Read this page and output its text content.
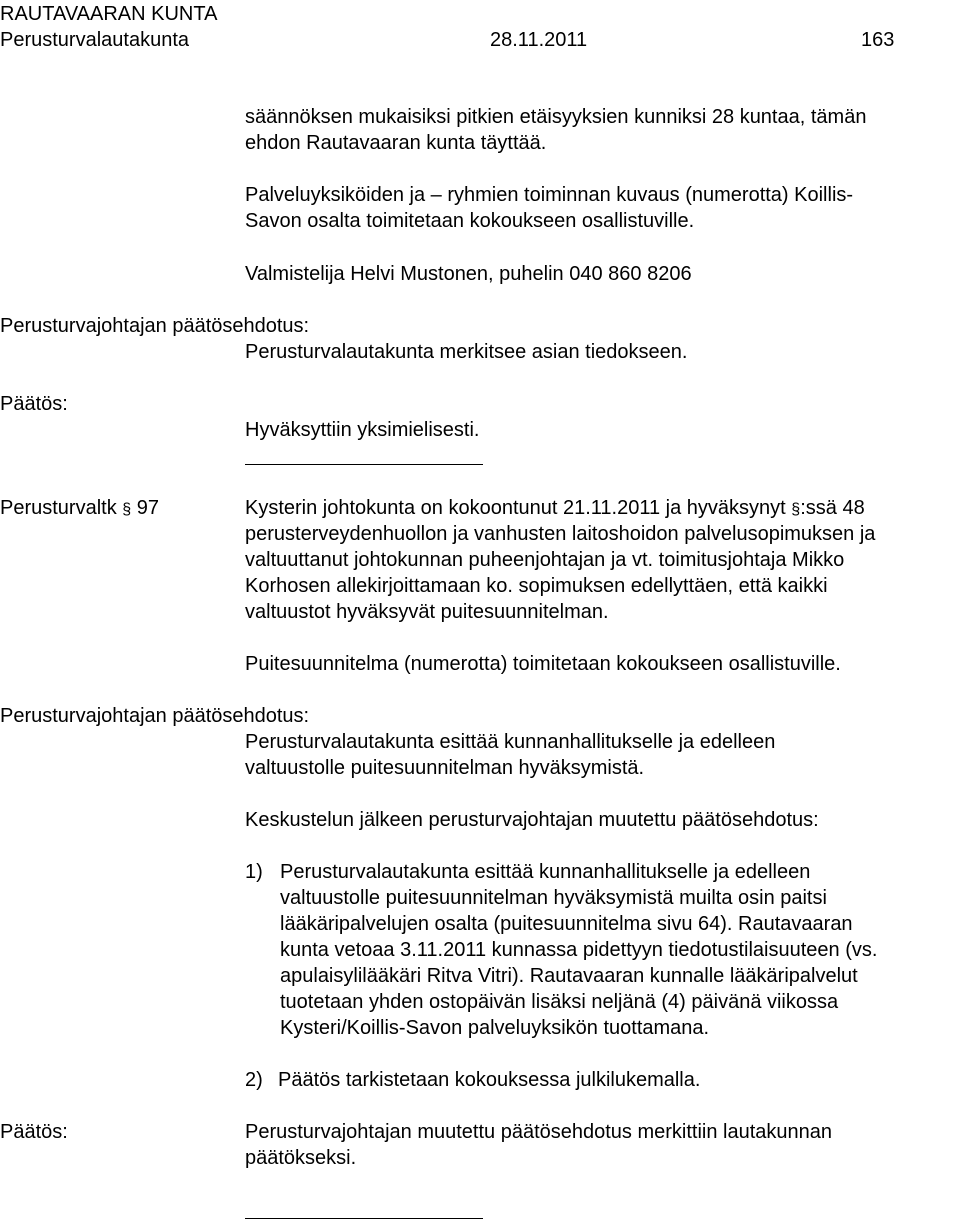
RAUTAVAARAN KUNTA
Perusturvalautakunta	28.11.2011	163
säännöksen mukaisiksi pitkien etäisyyksien kunniksi 28 kuntaa, tämän
ehdon Rautavaaran kunta täyttää.
Palveluyksiköiden ja – ryhmien toiminnan kuvaus (numerotta) Koillis-
Savon osalta toimitetaan kokoukseen osallistuville.
Valmistelija Helvi Mustonen, puhelin 040 860 8206
Perusturvajohtajan päätösehdotus:
Perusturvalautakunta merkitsee asian tiedokseen.
Päätös:
Hyväksyttiin yksimielisesti.
Perusturvaltk § 97	Kysterin johtokunta on kokoontunut 21.11.2011 ja hyväksynyt §:ssä 48
perusterveydenhuollon ja vanhusten laitoshoidon palvelusopimuksen ja
valtuuttanut johtokunnan puheenjohtajan ja vt. toimitusjohtaja Mikko
Korhosen allekirjoittamaan ko. sopimuksen edellyttäen, että kaikki
valtuustot hyväksyvät puitesuunnitelman.
Puitesuunnitelma (numerotta) toimitetaan kokoukseen osallistuville.
Perusturvajohtajan päätösehdotus:
Perusturvalautakunta esittää kunnanhallitukselle ja edelleen
valtuustolle puitesuunnitelman hyväksymistä.
Keskustelun jälkeen perusturvajohtajan muutettu päätösehdotus:
1) Perusturvalautakunta esittää kunnanhallitukselle ja edelleen
valtuustolle puitesuunnitelman hyväksymistä muilta osin paitsi
lääkäripalvelujen osalta (puitesuunnitelma sivu 64). Rautavaaran
kunta vetoaa 3.11.2011 kunnassa pidettyyn tiedotustilaisuuteen (vs.
apulaisylilääkäri Ritva Vitri). Rautavaaran kunnalle lääkäripalvelut
tuotetaan yhden ostopäivän lisäksi neljänä (4) päivänä viikossa
Kysteri/Koillis-Savon palveluyksikön tuottamana.
2) Päätös tarkistetaan kokouksessa julkilukemalla.
Päätös:	Perusturvajohtajan muutettu päätösehdotus merkittiin lautakunnan
päätökseksi.
